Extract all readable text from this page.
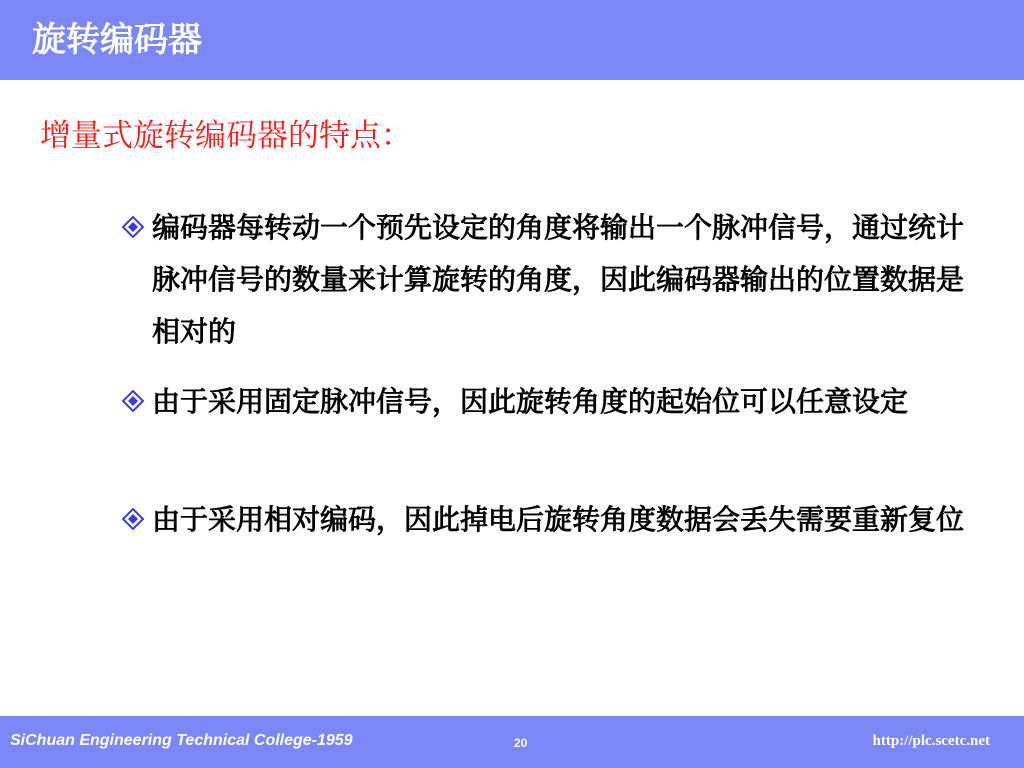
旋转编码器
增量式旋转编码器的特点：
编码器每转动一个预先设定的角度将输出一个脉冲信号，通过统计脉冲信号的数量来计算旋转的角度，因此编码器输出的位置数据是相对的
由于采用固定脉冲信号，因此旋转角度的起始位可以任意设定
由于采用相对编码，因此掉电后旋转角度数据会丢失需要重新复位
SiChuan Engineering Technical College-1959	20	http://plc.scetc.net
